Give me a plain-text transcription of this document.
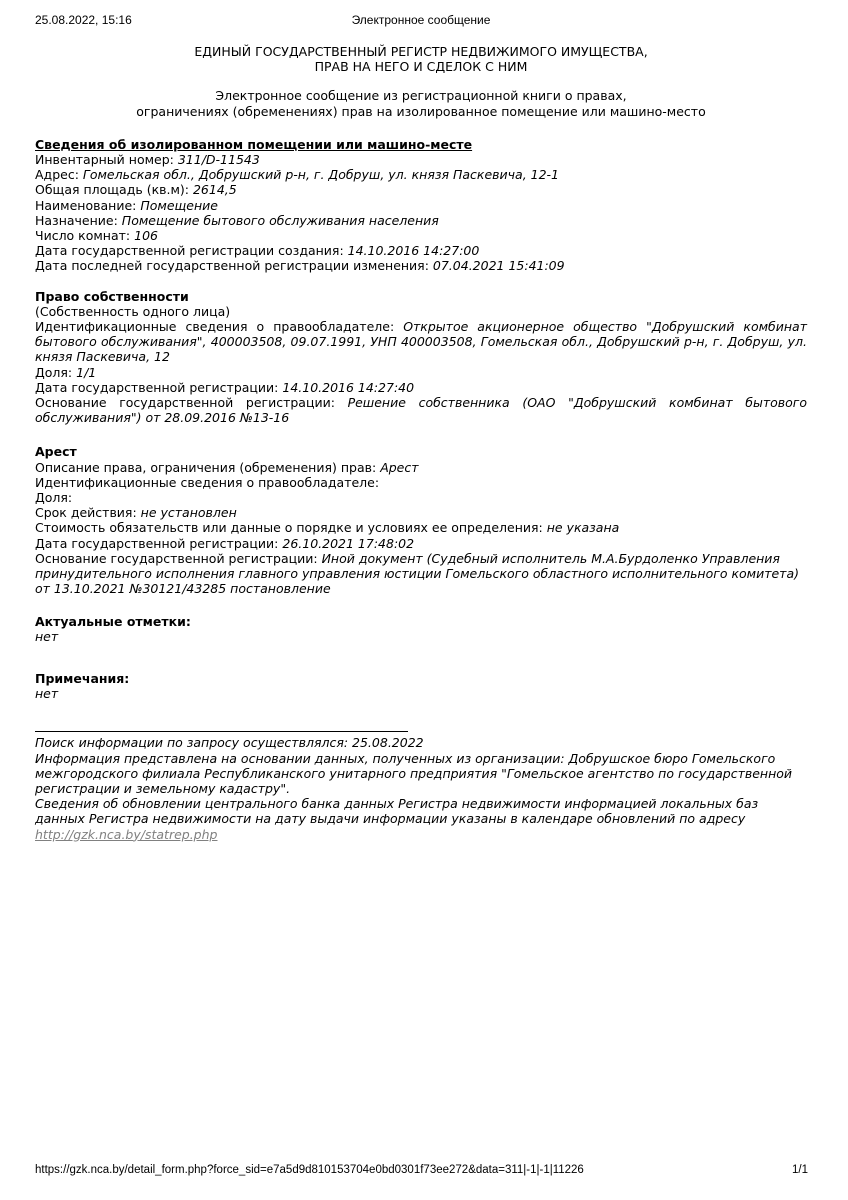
25.08.2022, 15:16	Электронное сообщение
ЕДИНЫЙ ГОСУДАРСТВЕННЫЙ РЕГИСТР НЕДВИЖИМОГО ИМУЩЕСТВА,
ПРАВ НА НЕГО И СДЕЛОК С НИМ
Электронное сообщение из регистрационной книги о правах,
ограничениях (обременениях) прав на изолированное помещение или машино-место
Сведения об изолированном помещении или машино-месте
Инвентарный номер: 311/D-11543
Адрес: Гомельская обл., Добрушский р-н, г. Добруш, ул. князя Паскевича, 12-1
Общая площадь (кв.м): 2614,5
Наименование: Помещение
Назначение: Помещение бытового обслуживания населения
Число комнат: 106
Дата государственной регистрации создания: 14.10.2016 14:27:00
Дата последней государственной регистрации изменения: 07.04.2021 15:41:09
Право собственности
(Собственность одного лица)
Идентификационные сведения о правообладателе: Открытое акционерное общество "Добрушский комбинат бытового обслуживания", 400003508, 09.07.1991, УНП 400003508, Гомельская обл., Добрушский р-н, г. Добруш, ул. князя Паскевича, 12
Доля: 1/1
Дата государственной регистрации: 14.10.2016 14:27:40
Основание государственной регистрации: Решение собственника (ОАО "Добрушский комбинат бытового обслуживания") от 28.09.2016 №13-16
Арест
Описание права, ограничения (обременения) прав: Арест
Идентификационные сведения о правообладателе:
Доля:
Срок действия: не установлен
Стоимость обязательств или данные о порядке и условиях ее определения: не указана
Дата государственной регистрации: 26.10.2021 17:48:02
Основание государственной регистрации: Иной документ (Судебный исполнитель М.А.Бурдоленко Управления принудительного исполнения главного управления юстиции Гомельского областного исполнительного комитета) от 13.10.2021 №30121/43285 постановление
Актуальные отметки:
нет
Примечания:
нет
Поиск информации по запросу осуществлялся: 25.08.2022
Информация представлена на основании данных, полученных из организации: Добрушское бюро Гомельского межгородского филиала Республиканского унитарного предприятия "Гомельское агентство по государственной регистрации и земельному кадастру".
Сведения об обновлении центрального банка данных Регистра недвижимости информацией локальных баз данных Регистра недвижимости на дату выдачи информации указаны в календаре обновлений по адресу
http://gzk.nca.by/statrep.php
https://gzk.nca.by/detail_form.php?force_sid=e7a5d9d810153704e0bd0301f73ee272&data=311|-1|-1|11226	1/1
